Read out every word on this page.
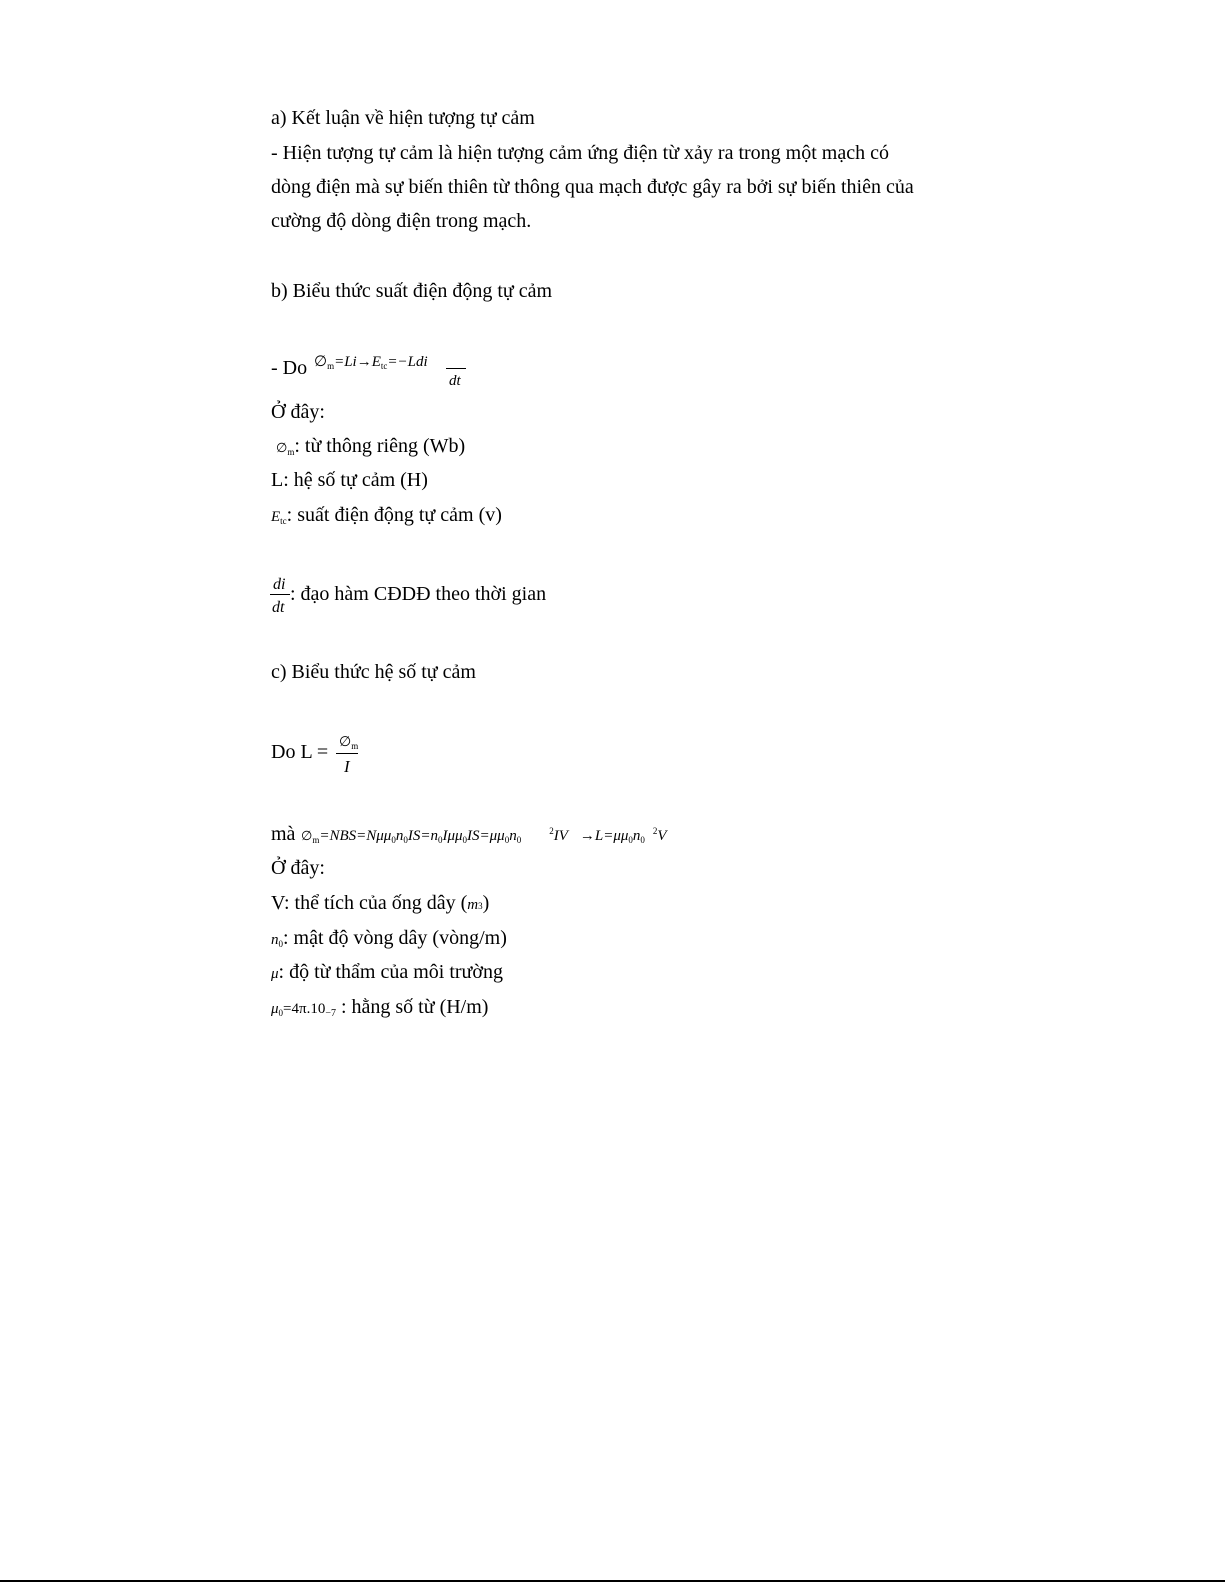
a) Kết luận về hiện tượng tự cảm
- Hiện tượng tự cảm là hiện tượng cảm ứng điện từ xảy ra trong một mạch có
dòng điện mà sự biến thiên từ thông qua mạch được gây ra bởi sự biến thiên của
cường độ dòng điện trong mạch.
b) Biểu thức suất điện động tự cảm
- Do ∅m=Li→Etc=−Ldi
dt
Ở đây:
∅m: từ thông riêng (Wb)
L: hệ số tự cảm (H)
Etc: suất điện động tự cảm (v)
di
dt
: đạo hàm CĐDĐ theo thời gian
c) Biểu thức hệ số tự cảm
Do L = ∅m
I
mà $\emptyset m=NBS=N\mu\mu 0n0IS=n0I\mu\mu 0IS=\mu\mu 0n0^2IV \to L=\mu\mu 0n0^2V$
Ở đây:
V: thể tích của ống dây (m3)
n0: mật độ vòng dây (vòng/m)
μ: độ từ thẩm của môi trường
μ0=4π.10−7 : hằng số từ (H/m)
